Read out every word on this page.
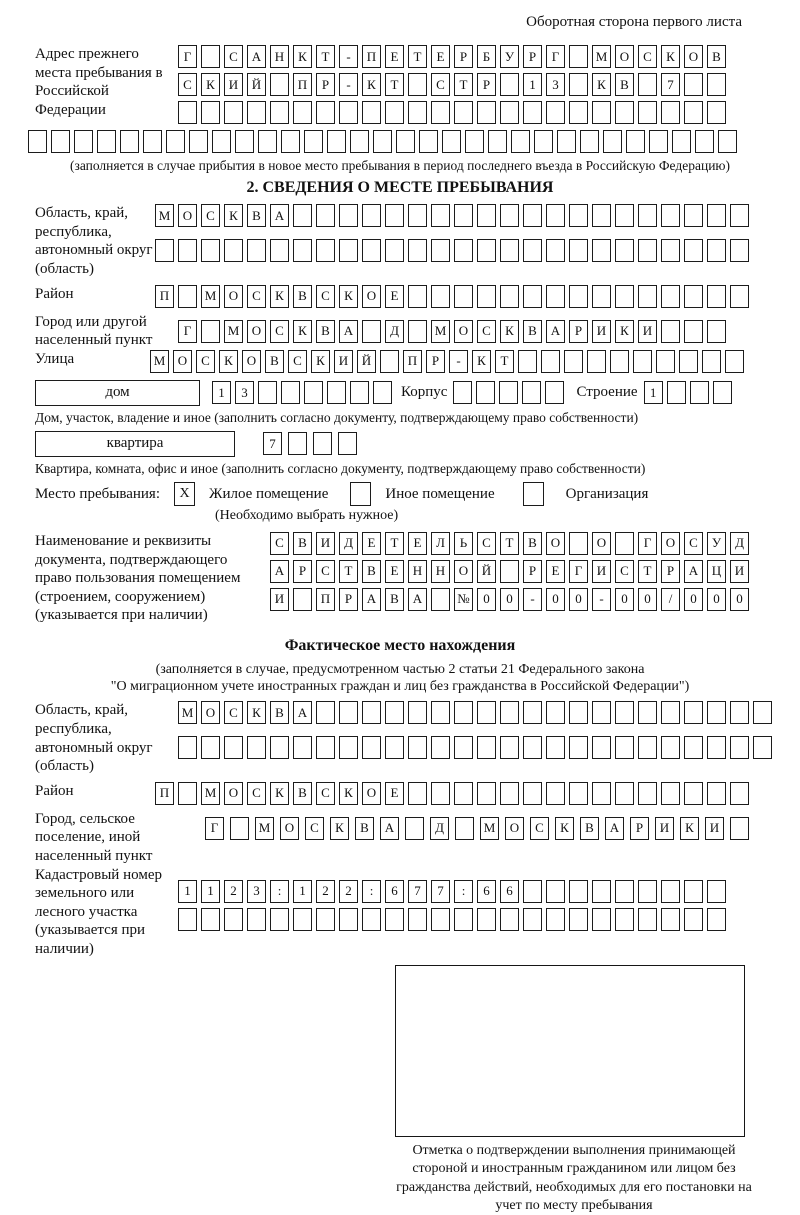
Оборотная сторона первого листа
Адрес прежнего места пребывания в Российской Федерации
Г	С	А	Н	К	Т	-	П	Е	Т	Е	Р	Б	У	Р	Г	М О	С	К	О	В
С	К	И	Й	П	Р	-	К	Т	С	Т	Р	1	3	К	В	7
(заполняется в случае прибытия в новое место пребывания в период последнего въезда в Российскую Федерацию)
2. СВЕДЕНИЯ О МЕСТЕ ПРЕБЫВАНИЯ
Область, край, республика, автономный округ (область)
М О	С	К	В	А
Район	П	М О	С	К	В	С	К	О	Е
Город или другой населенный пункт
Г	М О	С	К	В	А	Д	М О	С	К	В	А	Р	И	К	И
Улица	М О	С	К	О	В	С	К	И	Й	П	Р	-	К	Т
дом	1	3	Корпус	Строение 1
Дом, участок, владение и иное (заполнить согласно документу, подтверждающему право собственности)
квартира	7
Квартира, комната, офис и иное (заполнить согласно документу, подтверждающему право собственности)
Место пребывания:	X	Жилое помещение	Иное помещение	Организация
(Необходимо выбрать нужное)
Наименование и реквизиты документа, подтверждающего право пользования помещением (строением, сооружением) (указывается при наличии)
С	В	И	Д	Е	Т	Е	Л	Ь	С	Т	В	О	О	Г	О	С	У	Д
А	Р	С	Т	В	Е	Н	Н	О	Й	Р	Е	Г	И	С	Т	Р	А	Ц	И
И	П	Р	А	В	А	№	0	0	-	0	0	-	0	0	/	0	0	0
Фактическое место нахождения
(заполняется в случае, предусмотренном частью 2 статьи 21 Федерального закона
"О миграционном учете иностранных граждан и лиц без гражданства в Российской Федерации")
Область, край, республика, автономный округ (область)
М О	С	К	В	А
Район	П	М О	С	К	В	С	К	О	Е
Город, сельское поселение, иной населенный пункт
Г	М	О	С	К	В	А	Д	М	О	С	К	В	А	Р	И	К	И
Кадастровый номер земельного или лесного участка (указывается при наличии)
1	1	2	3	:	1	2	2	:	6	7	7	:	6	6
Отметка о подтверждении выполнения принимающей стороной и иностранным гражданином или лицом без гражданства действий, необходимых для его постановки на учет по месту пребывания
